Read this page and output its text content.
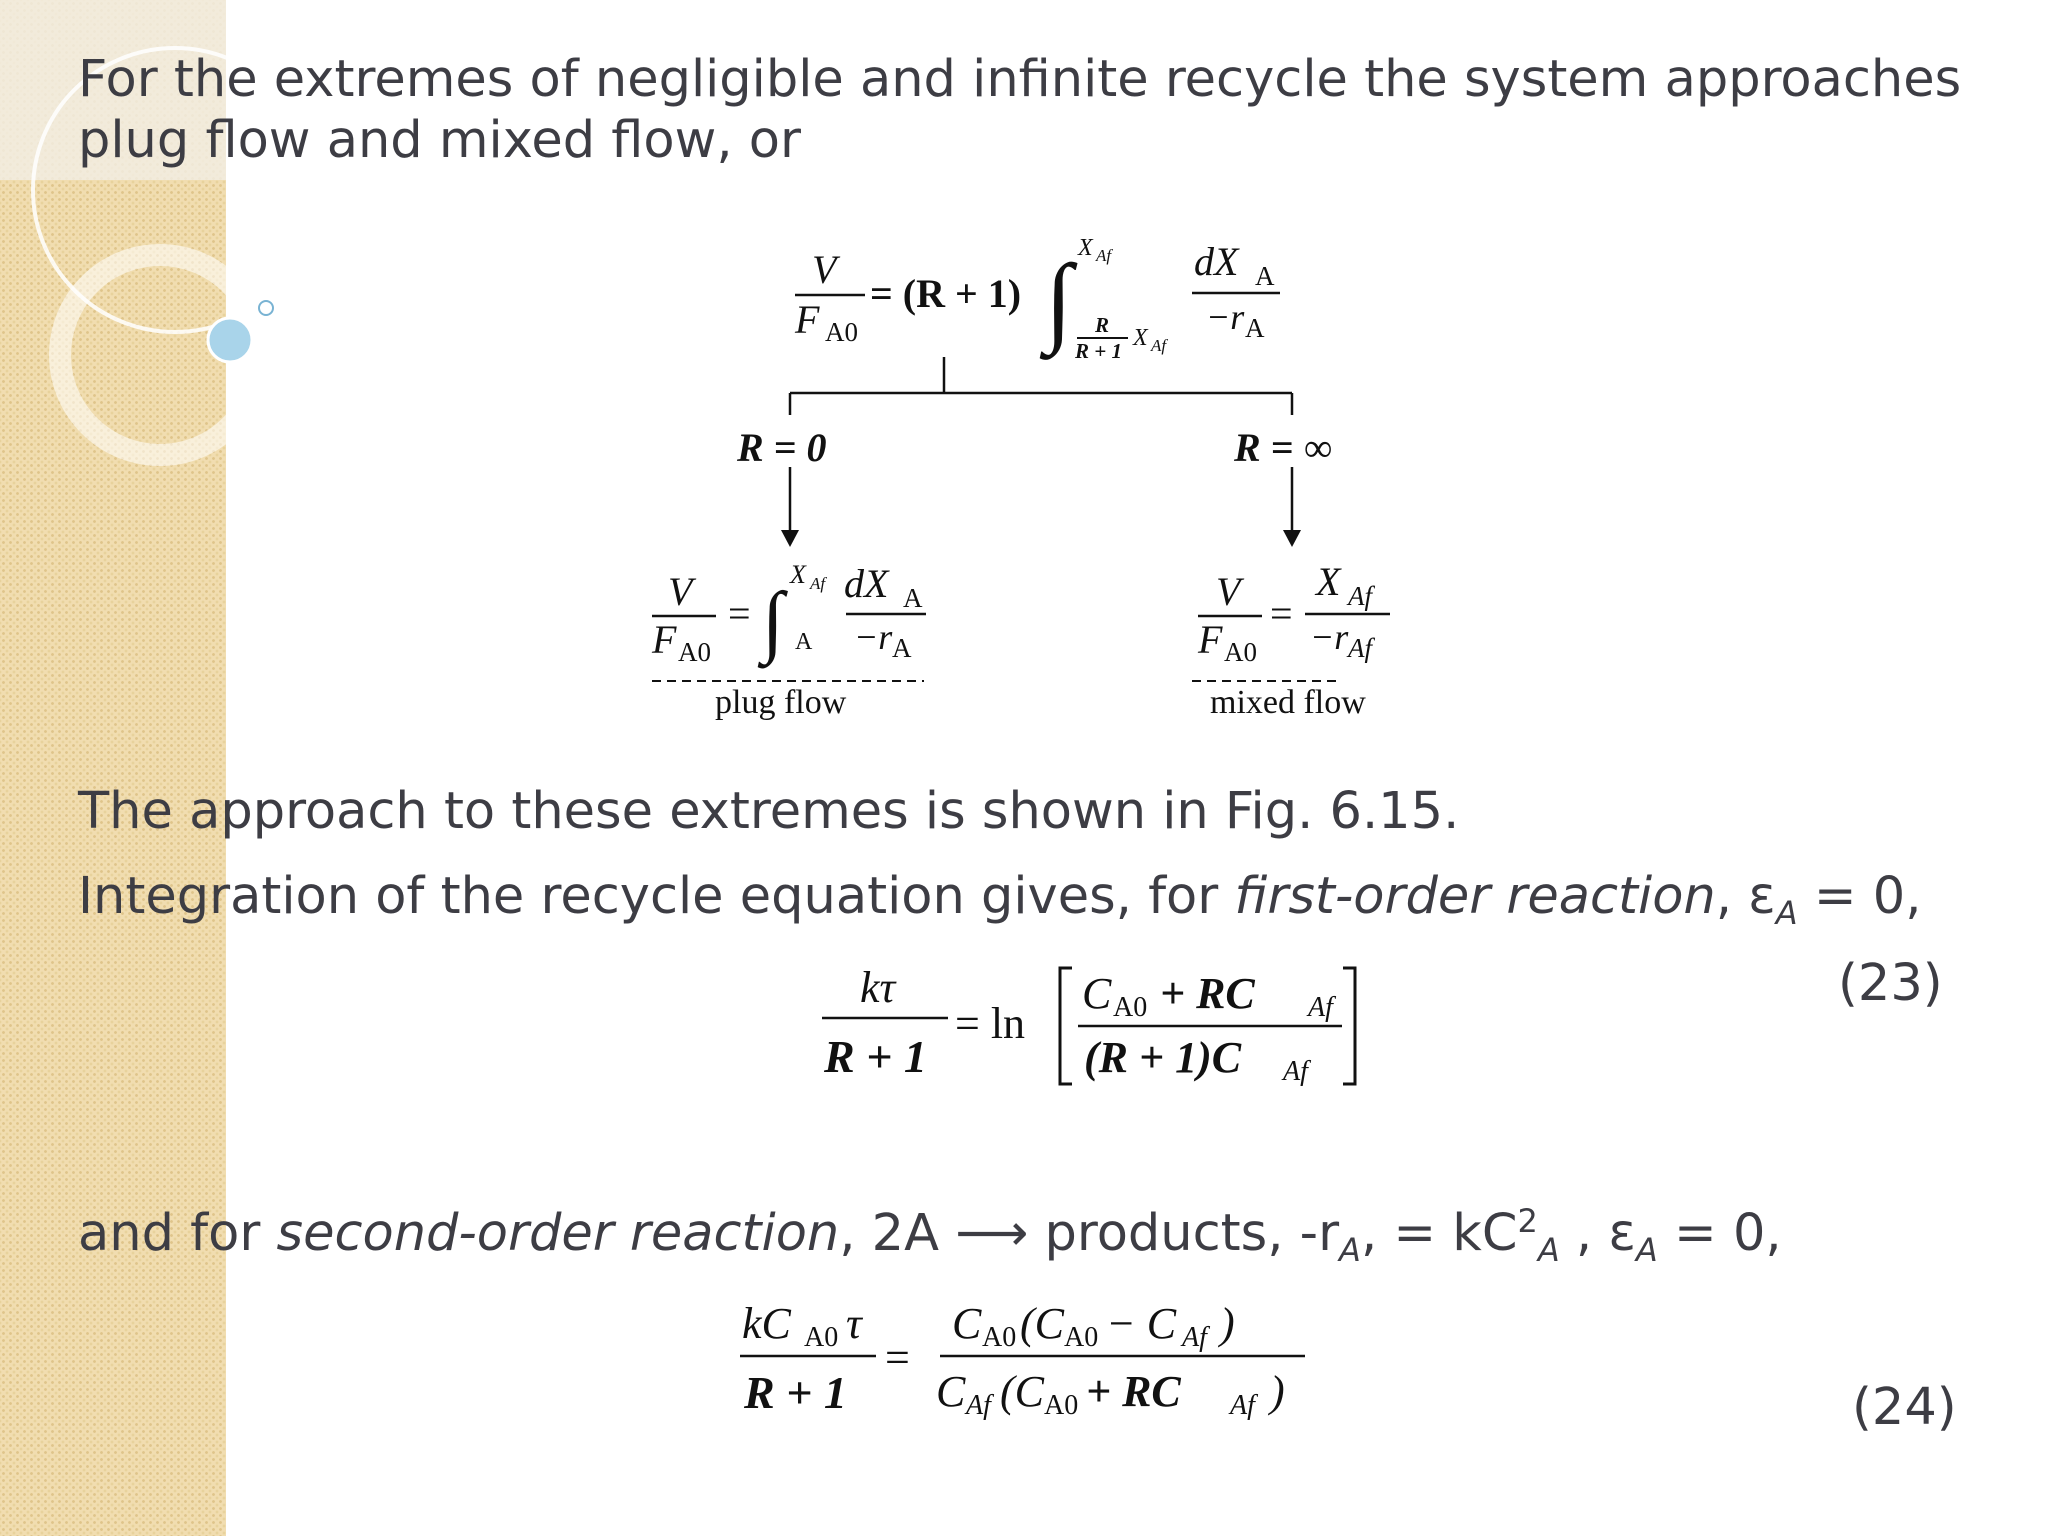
For the extremes of negligible and infinite recycle the system approaches
plug flow and mixed flow, or
V
F A0
= (R + 1) ∫ X Af
R
R + 1 X Af
dX A
−r A
R = 0	R = ∞
V
F A0
= ∫
X Af
A
dX A
−r A
plug flow
V
F A0
=
X Af
−r Af
mixed flow
The approach to these extremes is shown in Fig. 6.15.
Integration of the recycle equation gives, for first-order reaction, $\varepsilon_A = 0$,
kτ
R + 1
= ln
C A0 + RC Af
(R + 1)C Af
(23)
and for second-order reaction, 2A ⟶ products, $-r_A$, = $kC^2_A$ , $\varepsilon_A = 0$,
kC A0 τ
R + 1
=
C A0 (C A0 − C Af )
C Af (C A0 + RC Af )	(24)
